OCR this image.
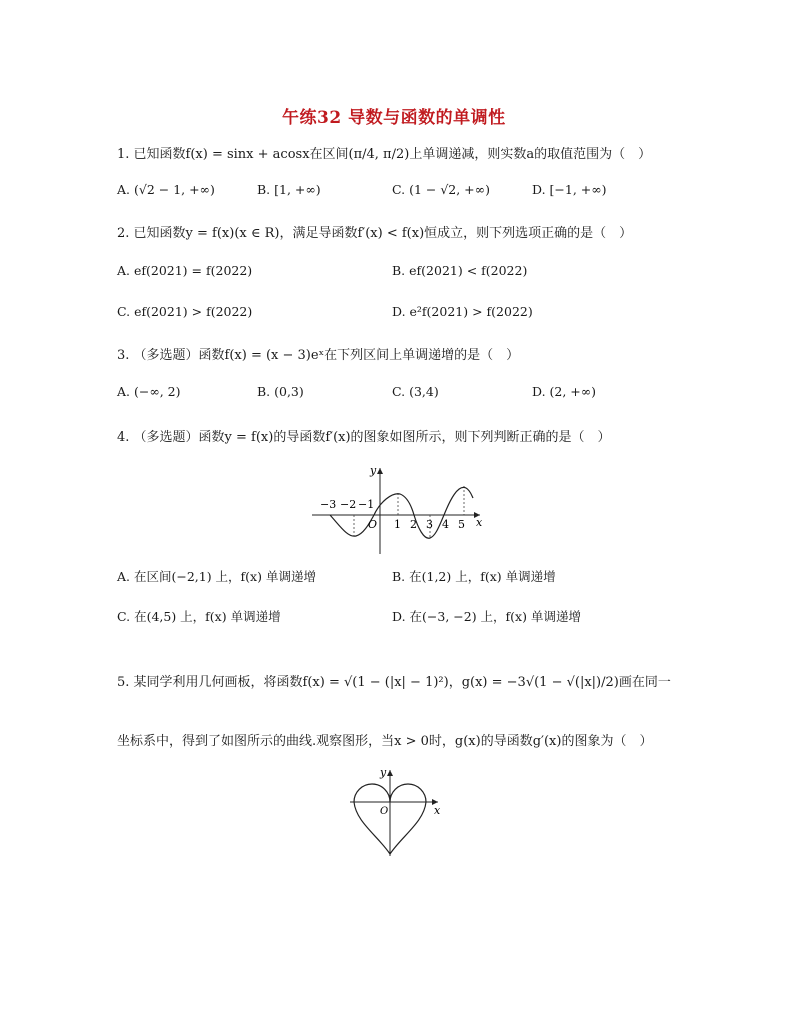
午练32 导数与函数的单调性
1. 已知函数f(x) = sinx + acosx在区间(π/4, π/2)上单调递减，则实数a的取值范围为（　）
A. (√2 − 1, +∞)	B. [1, +∞)	C. (1 − √2, +∞)	D. [−1, +∞)
2. 已知函数y = f(x)(x ∈ R)，满足导函数f′(x) < f(x)恒成立，则下列选项正确的是（　）
A. ef(2021) = f(2022)	B. ef(2021) < f(2022)
C. ef(2021) > f(2022)	D. e²f(2021) > f(2022)
3. （多选题）函数f(x) = (x − 3)eˣ在下列区间上单调递增的是（　）
A. (−∞, 2)	B. (0,3)	C. (3,4)	D. (2, +∞)
4. （多选题）函数y = f(x)的导函数f′(x)的图象如图所示，则下列判断正确的是（　）
y
x
O
−3 −2 −1
1 2 3 4 5
A. 在区间(−2,1) 上，f(x) 单调递增	B. 在(1,2) 上，f(x) 单调递增
C. 在(4,5) 上，f(x) 单调递增	D. 在(−3, −2) 上，f(x) 单调递增
5. 某同学利用几何画板，将函数f(x) = √(1 − (|x| − 1)²)，g(x) = −3√(1 − √(|x|)/2)画在同一
坐标系中，得到了如图所示的曲线.观察图形，当x > 0时，g(x)的导函数g′(x)的图象为（　）
y
x
O
